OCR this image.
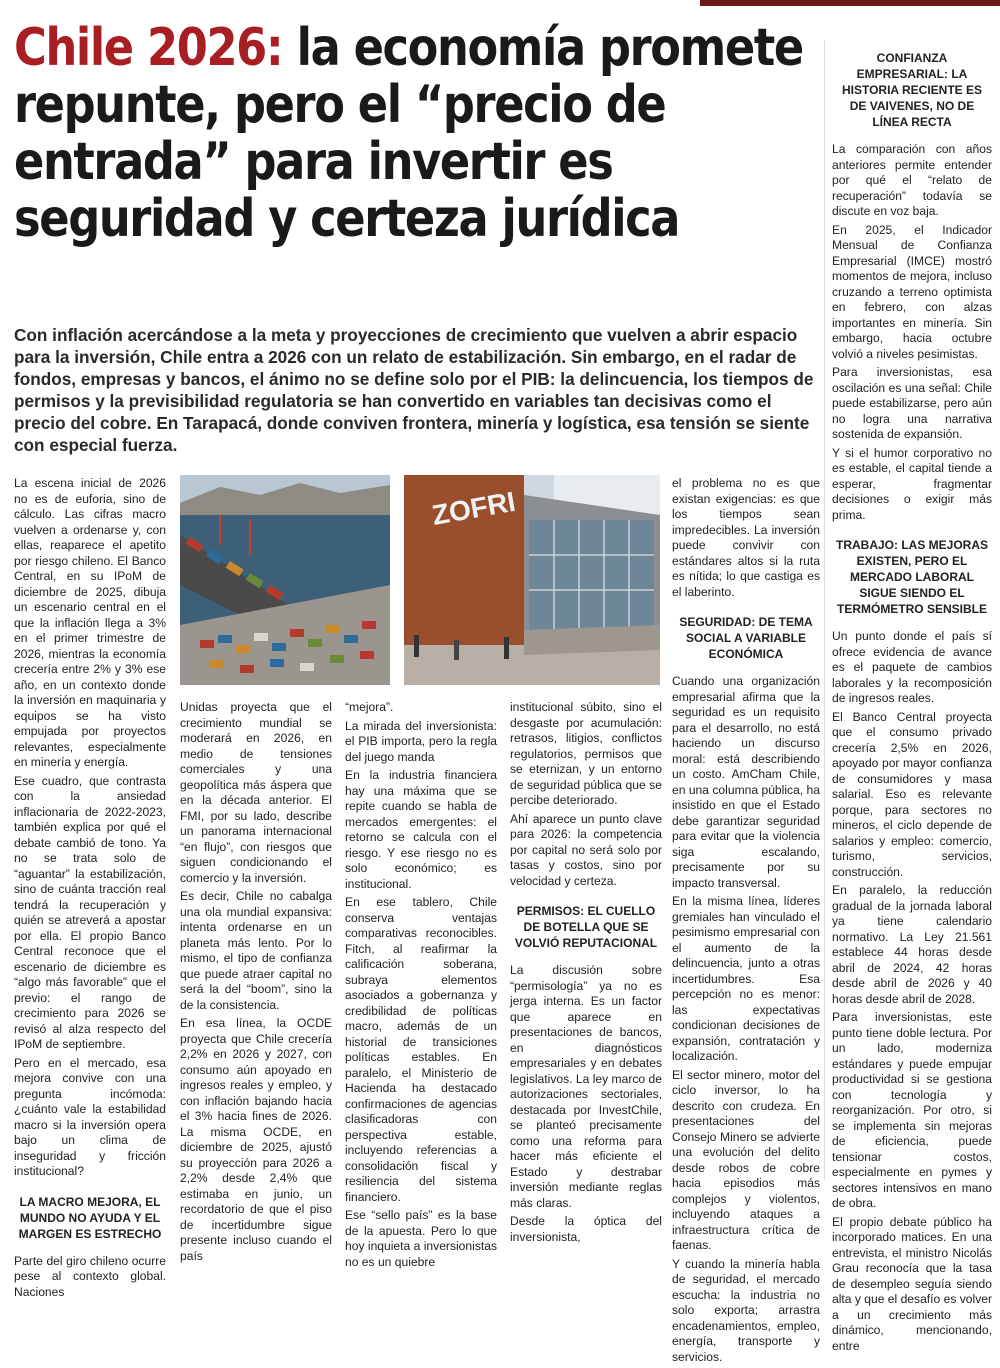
Chile 2026: la economía promete repunte, pero el “precio de entrada” para invertir es seguridad y certeza jurídica

Con inflación acercándose a la meta y proyecciones de crecimiento que vuelven a abrir espacio para la inversión, Chile entra a 2026 con un relato de estabilización. Sin embargo, en el radar de fondos, empresas y bancos, el ánimo no se define solo por el PIB: la delincuencia, los tiempos de permisos y la previsibilidad regulatoria se han convertido en variables tan decisivas como el precio del cobre. En Tarapacá, donde conviven frontera, minería y logística, esa tensión se siente con especial fuerza.

ZOFRI

La escena inicial de 2026 no es de euforia, sino de cálculo. Las cifras macro vuelven a ordenarse y, con ellas, reaparece el apetito por riesgo chileno. El Banco Central, en su IPoM de diciembre de 2025, dibuja un escenario central en el que la inflación llega a 3% en el primer trimestre de 2026, mientras la economía crecería entre 2% y 3% ese año, en un contexto donde la inversión en maquinaria y equipos se ha visto empujada por proyectos relevantes, especialmente en minería y energía.

Ese cuadro, que contrasta con la ansiedad inflacionaria de 2022-2023, también explica por qué el debate cambió de tono. Ya no se trata solo de “aguantar” la estabilización, sino de cuánta tracción real tendrá la recuperación y quién se atreverá a apostar por ella. El propio Banco Central reconoce que el escenario de diciembre es “algo más favorable” que el previo: el rango de crecimiento para 2026 se revisó al alza respecto del IPoM de septiembre.

Pero en el mercado, esa mejora convive con una pregunta incómoda: ¿cuánto vale la estabilidad macro si la inversión opera bajo un clima de inseguridad y fricción institucional?

LA MACRO MEJORA, EL MUNDO NO AYUDA Y EL MARGEN ES ESTRECHO

Parte del giro chileno ocurre pese al contexto global. Naciones

Unidas proyecta que el crecimiento mundial se moderará en 2026, en medio de tensiones comerciales y una geopolítica más áspera que en la década anterior. El FMI, por su lado, describe un panorama internacional “en flujo”, con riesgos que siguen condicionando el comercio y la inversión.

Es decir, Chile no cabalga una ola mundial expansiva: intenta ordenarse en un planeta más lento. Por lo mismo, el tipo de confianza que puede atraer capital no será la del “boom”, sino la de la consistencia.

En esa línea, la OCDE proyecta que Chile crecería 2,2% en 2026 y 2027, con consumo aún apoyado en ingresos reales y empleo, y con inflación bajando hacia el 3% hacia fines de 2026. La misma OCDE, en diciembre de 2025, ajustó su proyección para 2026 a 2,2% desde 2,4% que estimaba en junio, un recordatorio de que el piso de incertidumbre sigue presente incluso cuando el país

“mejora”.

La mirada del inversionista: el PIB importa, pero la regla del juego manda

En la industria financiera hay una máxima que se repite cuando se habla de mercados emergentes: el retorno se calcula con el riesgo. Y ese riesgo no es solo económico; es institucional.

En ese tablero, Chile conserva ventajas comparativas reconocibles. Fitch, al reafirmar la calificación soberana, subraya elementos asociados a gobernanza y credibilidad de políticas macro, además de un historial de transiciones políticas estables. En paralelo, el Ministerio de Hacienda ha destacado confirmaciones de agencias clasificadoras con perspectiva estable, incluyendo referencias a consolidación fiscal y resiliencia del sistema financiero.

Ese “sello país” es la base de la apuesta. Pero lo que hoy inquieta a inversionistas no es un quiebre

institucional súbito, sino el desgaste por acumulación: retrasos, litigios, conflictos regulatorios, permisos que se eternizan, y un entorno de seguridad pública que se percibe deteriorado.

Ahí aparece un punto clave para 2026: la competencia por capital no será solo por tasas y costos, sino por velocidad y certeza.

PERMISOS: EL CUELLO DE BOTELLA QUE SE VOLVIÓ REPUTACIONAL

La discusión sobre “permisología” ya no es jerga interna. Es un factor que aparece en presentaciones de bancos, en diagnósticos empresariales y en debates legislativos. La ley marco de autorizaciones sectoriales, destacada por InvestChile, se planteó precisamente como una reforma para hacer más eficiente el Estado y destrabar inversión mediante reglas más claras.

Desde la óptica del inversionista,

el problema no es que existan exigencias: es que los tiempos sean impredecibles. La inversión puede convivir con estándares altos si la ruta es nítida; lo que castiga es el laberinto.

SEGURIDAD: DE TEMA SOCIAL A VARIABLE ECONÓMICA

Cuando una organización empresarial afirma que la seguridad es un requisito para el desarrollo, no está haciendo un discurso moral: está describiendo un costo. AmCham Chile, en una columna pública, ha insistido en que el Estado debe garantizar seguridad para evitar que la violencia siga escalando, precisamente por su impacto transversal.

En la misma línea, líderes gremiales han vinculado el pesimismo empresarial con el aumento de la delincuencia, junto a otras incertidumbres. Esa percepción no es menor: las expectativas condicionan decisiones de expansión, contratación y localización.

El sector minero, motor del ciclo inversor, lo ha descrito con crudeza. En presentaciones del Consejo Minero se advierte una evolución del delito desde robos de cobre hacia episodios más complejos y violentos, incluyendo ataques a infraestructura crítica de faenas.

Y cuando la minería habla de seguridad, el mercado escucha: la industria no solo exporta; arrastra encadenamientos, empleo, energía, transporte y servicios.

CONFIANZA EMPRESARIAL: LA HISTORIA RECIENTE ES DE VAIVENES, NO DE LÍNEA RECTA

La comparación con años anteriores permite entender por qué el “relato de recuperación” todavía se discute en voz baja.

En 2025, el Indicador Mensual de Confianza Empresarial (IMCE) mostró momentos de mejora, incluso cruzando a terreno optimista en febrero, con alzas importantes en minería. Sin embargo, hacia octubre volvió a niveles pesimistas.

Para inversionistas, esa oscilación es una señal: Chile puede estabilizarse, pero aún no logra una narrativa sostenida de expansión.

Y si el humor corporativo no es estable, el capital tiende a esperar, fragmentar decisiones o exigir más prima.

TRABAJO: LAS MEJORAS EXISTEN, PERO EL MERCADO LABORAL SIGUE SIENDO EL TERMÓMETRO SENSIBLE

Un punto donde el país sí ofrece evidencia de avance es el paquete de cambios laborales y la recomposición de ingresos reales.

El Banco Central proyecta que el consumo privado crecería 2,5% en 2026, apoyado por mayor confianza de consumidores y masa salarial. Eso es relevante porque, para sectores no mineros, el ciclo depende de salarios y empleo: comercio, turismo, servicios, construcción.

En paralelo, la reducción gradual de la jornada laboral ya tiene calendario normativo. La Ley 21.561 establece 44 horas desde abril de 2024, 42 horas desde abril de 2026 y 40 horas desde abril de 2028.

Para inversionistas, este punto tiene doble lectura. Por un lado, moderniza estándares y puede empujar productividad si se gestiona con tecnología y reorganización. Por otro, si se implementa sin mejoras de eficiencia, puede tensionar costos, especialmente en pymes y sectores intensivos en mano de obra.

El propio debate público ha incorporado matices. En una entrevista, el ministro Nicolás Grau reconocía que la tasa de desempleo seguía siendo alta y que el desafío es volver a un crecimiento más dinámico, mencionando, entre
